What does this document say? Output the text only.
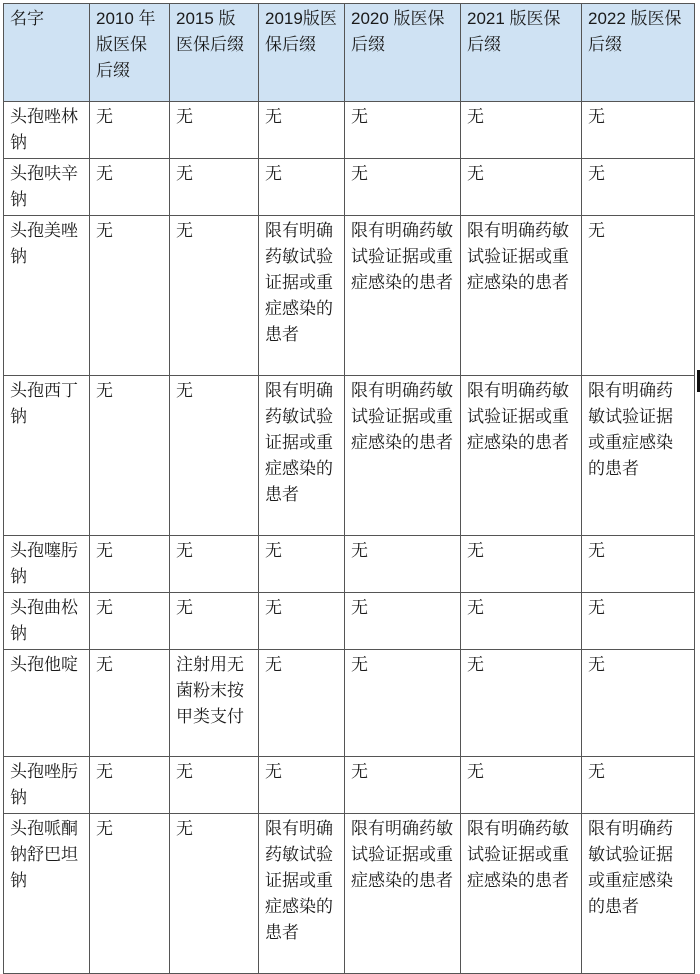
名字	2010 年版医保后缀	2015 版医保后缀	2019版医保后缀	2020 版医保后缀	2021 版医保后缀	2022 版医保后缀
头孢唑林钠	无	无	无	无	无	无
头孢呋辛钠	无	无	无	无	无	无
头孢美唑钠	无	无	限有明确药敏试验证据或重症感染的患者	限有明确药敏试验证据或重症感染的患者	限有明确药敏试验证据或重症感染的患者	无
头孢西丁钠	无	无	限有明确药敏试验证据或重症感染的患者	限有明确药敏试验证据或重症感染的患者	限有明确药敏试验证据或重症感染的患者	限有明确药敏试验证据或重症感染的患者
头孢噻肟钠	无	无	无	无	无	无
头孢曲松钠	无	无	无	无	无	无
头孢他啶	无	注射用无菌粉末按甲类支付	无	无	无	无
头孢唑肟钠	无	无	无	无	无	无
头孢哌酮钠舒巴坦钠	无	无	限有明确药敏试验证据或重症感染的患者	限有明确药敏试验证据或重症感染的患者	限有明确药敏试验证据或重症感染的患者	限有明确药敏试验证据或重症感染的患者
